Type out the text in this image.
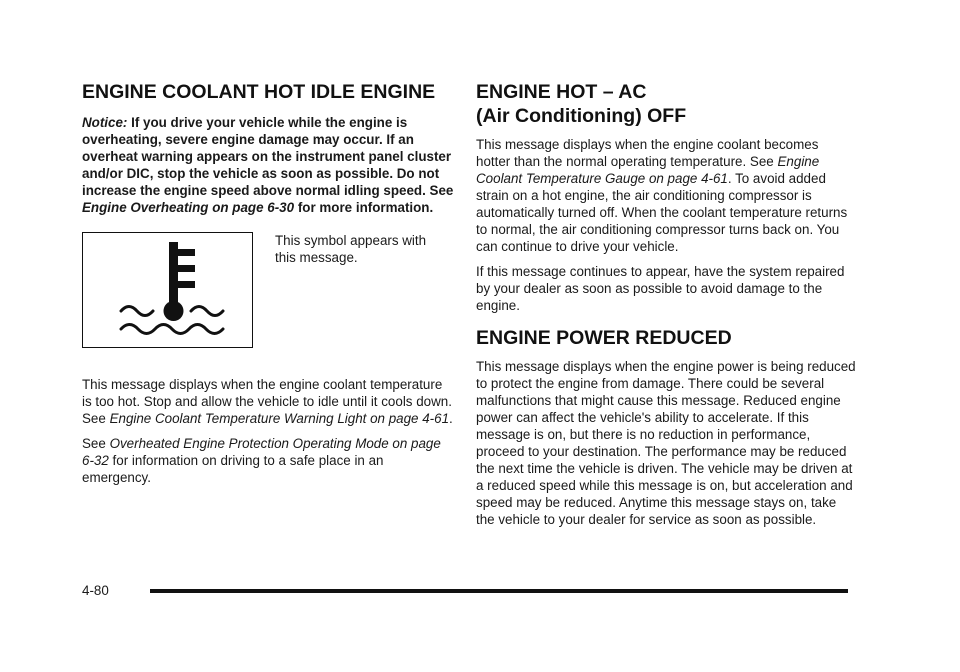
ENGINE COOLANT HOT IDLE ENGINE

Notice: If you drive your vehicle while the engine is overheating, severe engine damage may occur. If an overheat warning appears on the instrument panel cluster and/or DIC, stop the vehicle as soon as possible. Do not increase the engine speed above normal idling speed. See Engine Overheating on page 6-30 for more information.

This symbol appears with this message.

This message displays when the engine coolant temperature is too hot. Stop and allow the vehicle to idle until it cools down. See Engine Coolant Temperature Warning Light on page 4-61.

See Overheated Engine Protection Operating Mode on page 6-32 for information on driving to a safe place in an emergency.

ENGINE HOT – AC
(Air Conditioning) OFF

This message displays when the engine coolant becomes hotter than the normal operating temperature. See Engine Coolant Temperature Gauge on page 4-61. To avoid added strain on a hot engine, the air conditioning compressor is automatically turned off. When the coolant temperature returns to normal, the air conditioning compressor turns back on. You can continue to drive your vehicle.

If this message continues to appear, have the system repaired by your dealer as soon as possible to avoid damage to the engine.

ENGINE POWER REDUCED

This message displays when the engine power is being reduced to protect the engine from damage. There could be several malfunctions that might cause this message. Reduced engine power can affect the vehicle's ability to accelerate. If this message is on, but there is no reduction in performance, proceed to your destination. The performance may be reduced the next time the vehicle is driven. The vehicle may be driven at a reduced speed while this message is on, but acceleration and speed may be reduced. Anytime this message stays on, take the vehicle to your dealer for service as soon as possible.

4-80
